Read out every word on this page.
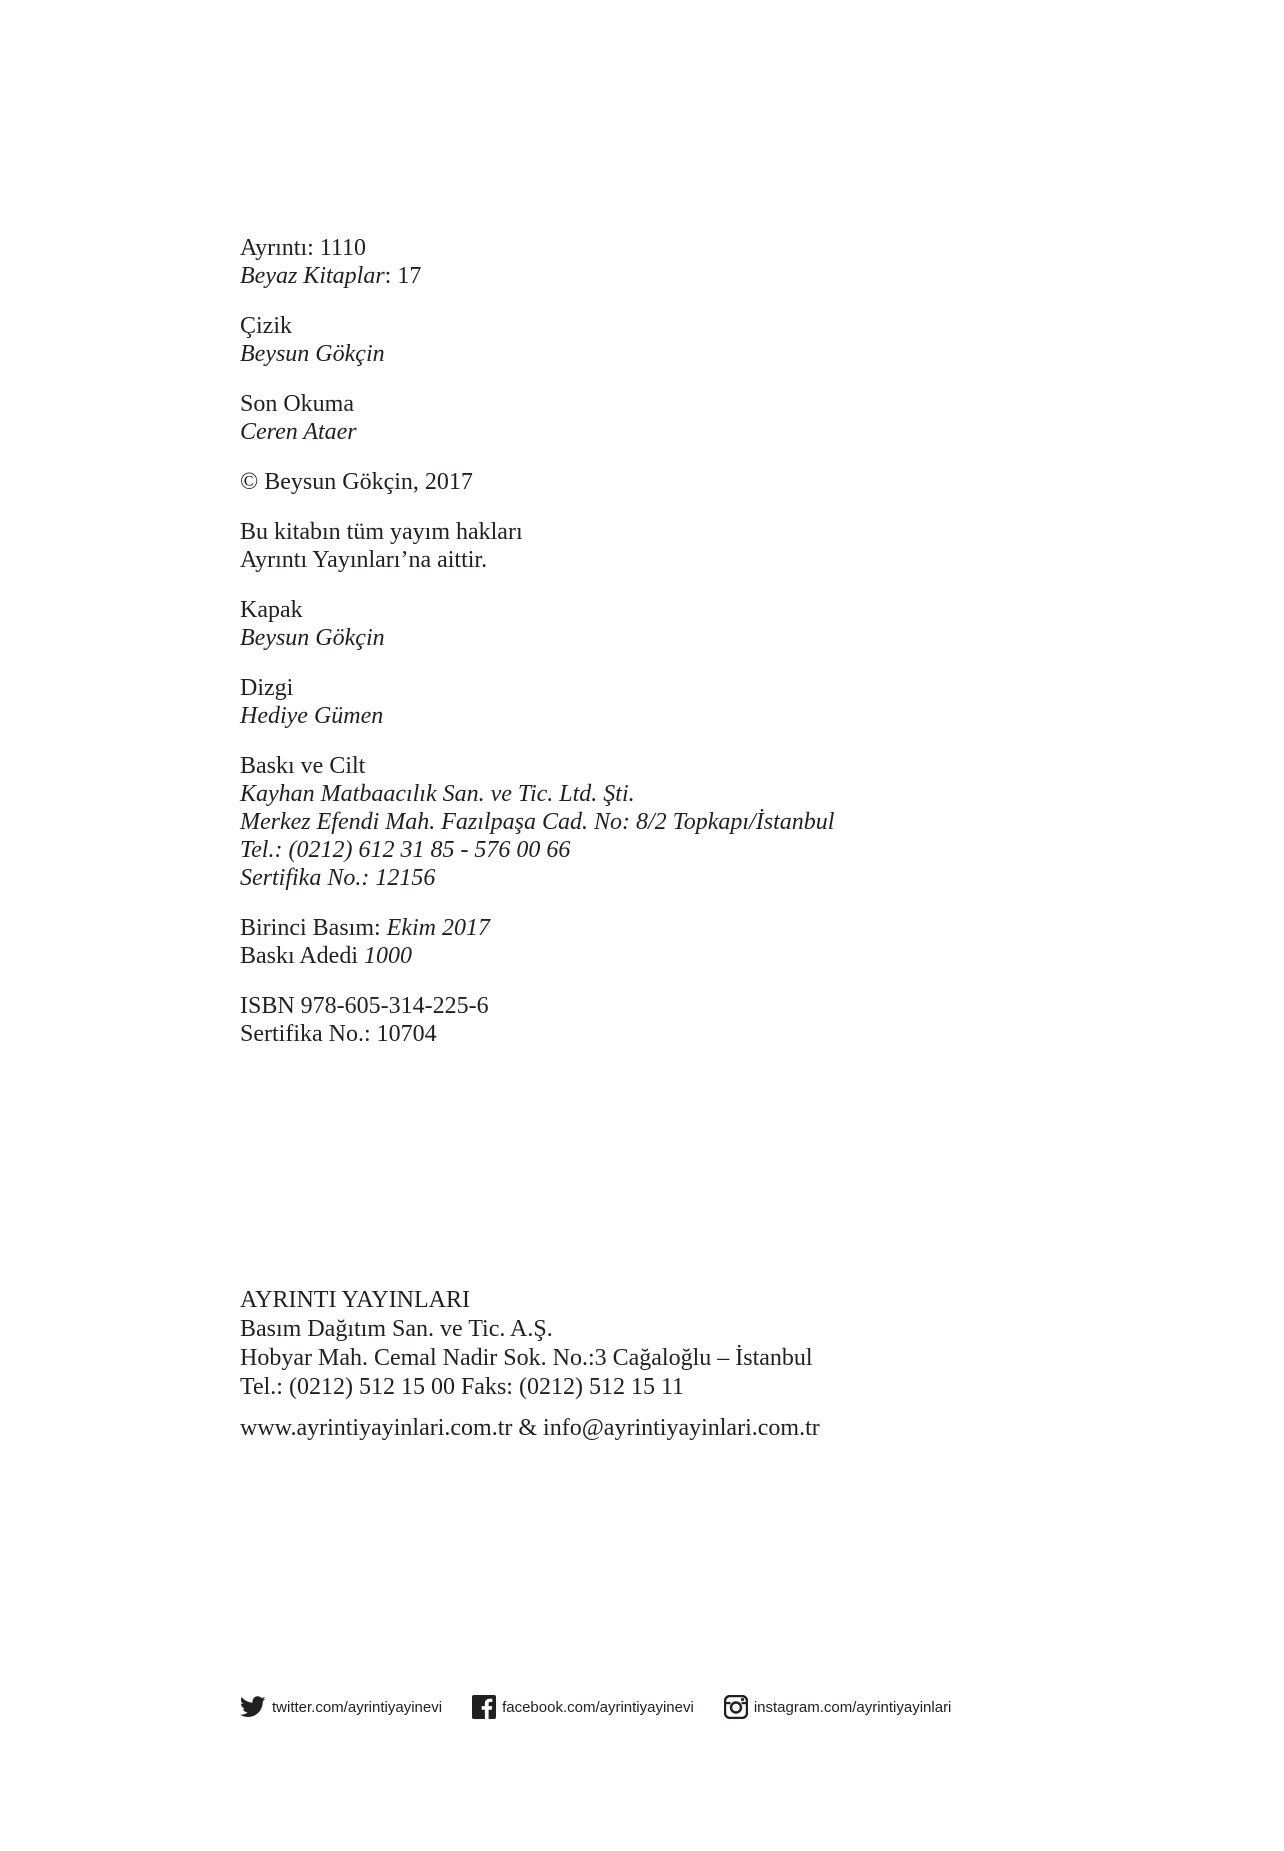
Ayrıntı: 1110
Beyaz Kitaplar: 17
Çizik
Beysun Gökçin
Son Okuma
Ceren Ataer
© Beysun Gökçin, 2017
Bu kitabın tüm yayım hakları
Ayrıntı Yayınları’na aittir.
Kapak
Beysun Gökçin
Dizgi
Hediye Gümen
Baskı ve Cilt
Kayhan Matbaacılık San. ve Tic. Ltd. Şti.
Merkez Efendi Mah. Fazılpaşa Cad. No: 8/2 Topkapı/İstanbul
Tel.: (0212) 612 31 85 - 576 00 66
Sertifika No.: 12156
Birinci Basım: Ekim 2017
Baskı Adedi 1000
ISBN 978-605-314-225-6
Sertifika No.: 10704
AYRINTI YAYINLARI
Basım Dağıtım San. ve Tic. A.Ş.
Hobyar Mah. Cemal Nadir Sok. No.:3 Cağaloğlu – İstanbul
Tel.: (0212) 512 15 00 Faks: (0212) 512 15 11
www.ayrintiyayinlari.com.tr & info@ayrintiyayinlari.com.tr
twitter.com/ayrintiyayinevi	facebook.com/ayrintiyayinevi	instagram.com/ayrintiyayinlari
